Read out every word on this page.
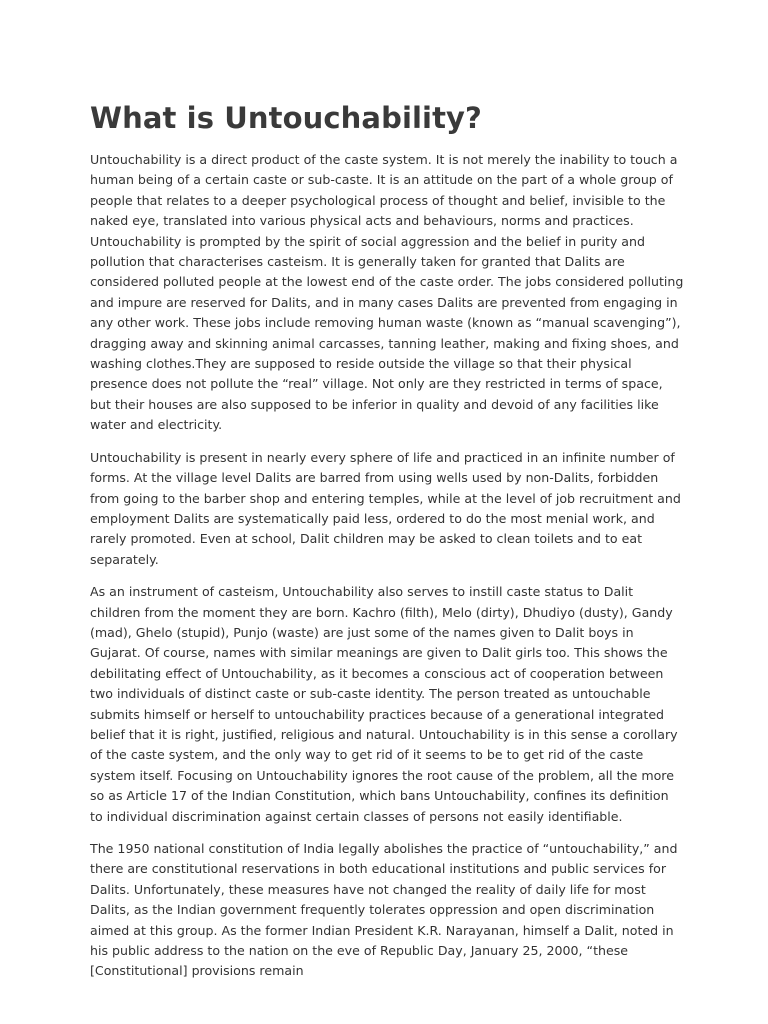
What is Untouchability?

Untouchability is a direct product of the caste system. It is not merely the inability to touch a human being of a certain caste or sub-caste. It is an attitude on the part of a whole group of people that relates to a deeper psychological process of thought and belief, invisible to the naked eye, translated into various physical acts and behaviours, norms and practices.

Untouchability is prompted by the spirit of social aggression and the belief in purity and pollution that characterises casteism. It is generally taken for granted that Dalits are considered polluted people at the lowest end of the caste order. The jobs considered polluting and impure are reserved for Dalits, and in many cases Dalits are prevented from engaging in any other work. These jobs include removing human waste (known as “manual scavenging”), dragging away and skinning animal carcasses, tanning leather, making and fixing shoes, and washing clothes.They are supposed to reside outside the village so that their physical presence does not pollute the “real” village. Not only are they restricted in terms of space, but their houses are also supposed to be inferior in quality and devoid of any facilities like water and electricity.

Untouchability is present in nearly every sphere of life and practiced in an infinite number of forms. At the village level Dalits are barred from using wells used by non-Dalits, forbidden from going to the barber shop and entering temples, while at the level of job recruitment and employment Dalits are systematically paid less, ordered to do the most menial work, and rarely promoted. Even at school, Dalit children may be asked to clean toilets and to eat separately.

As an instrument of casteism, Untouchability also serves to instill caste status to Dalit children from the moment they are born. Kachro (filth), Melo (dirty), Dhudiyo (dusty), Gandy (mad), Ghelo (stupid), Punjo (waste) are just some of the names given to Dalit boys in Gujarat. Of course, names with similar meanings are given to Dalit girls too. This shows the debilitating effect of Untouchability, as it becomes a conscious act of cooperation between two individuals of distinct caste or sub-caste identity. The person treated as untouchable submits himself or herself to untouchability practices because of a generational integrated belief that it is right, justified, religious and natural. Untouchability is in this sense a corollary of the caste system, and the only way to get rid of it seems to be to get rid of the caste system itself. Focusing on Untouchability ignores the root cause of the problem, all the more so as Article 17 of the Indian Constitution, which bans Untouchability, confines its definition to individual discrimination against certain classes of persons not easily identifiable.

The 1950 national constitution of India legally abolishes the practice of “untouchability,” and there are constitutional reservations in both educational institutions and public services for Dalits. Unfortunately, these measures have not changed the reality of daily life for most Dalits, as the Indian government frequently tolerates oppression and open discrimination aimed at this group. As the former Indian President K.R. Narayanan, himself a Dalit, noted in his public address to the nation on the eve of Republic Day, January 25, 2000, “these [Constitutional] provisions remain
